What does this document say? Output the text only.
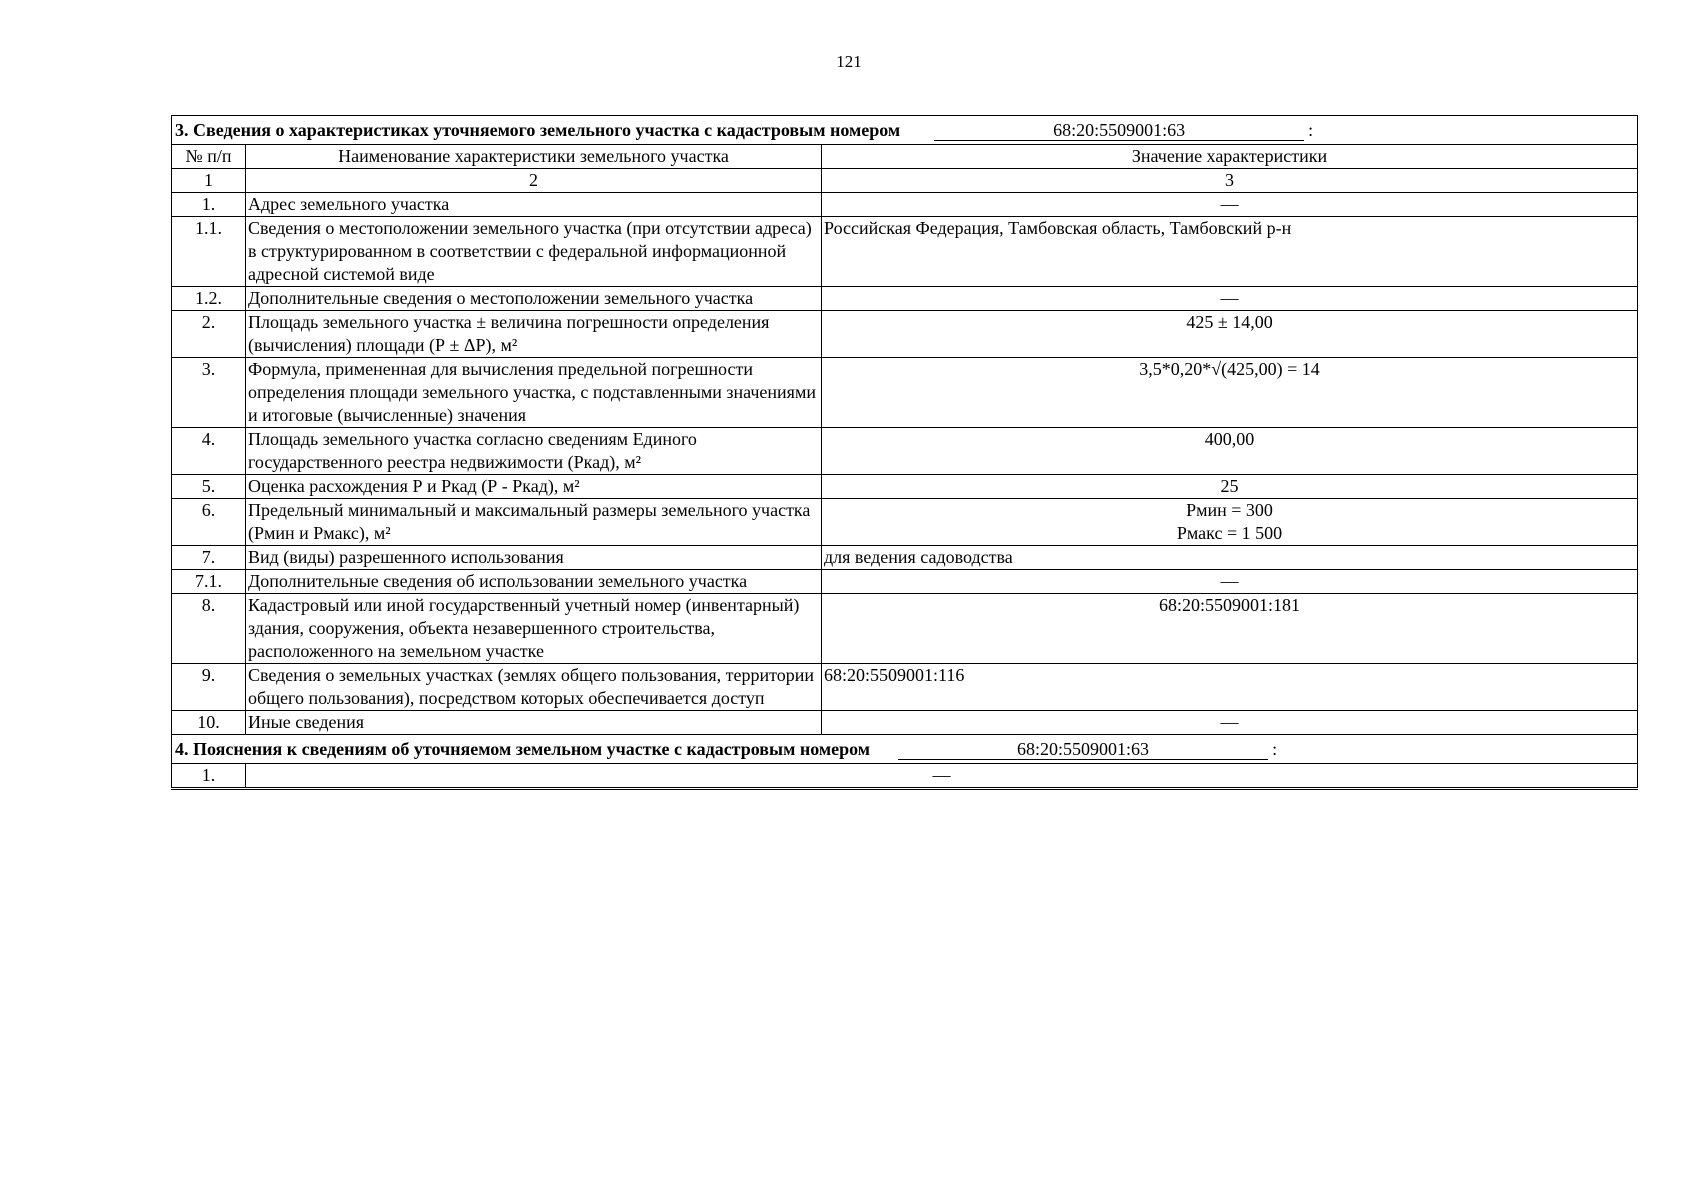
121
3. Сведения о характеристиках уточняемого земельного участка с кадастровым номером 68:20:5509001:63 :		
№ п/п	Наименование характеристики земельного участка	Значение характеристики
1	2	3
1.	Адрес земельного участка	—
1.1.	Сведения о местоположении земельного участка (при отсутствии адреса) в структурированном в соответствии с федеральной информационной адресной системой виде	Российская Федерация, Тамбовская область, Тамбовский р-н
1.2.	Дополнительные сведения о местоположении земельного участка	—
2.	Площадь земельного участка ± величина погрешности определения (вычисления) площади (Р ± ΔР), м²	425 ± 14,00
3.	Формула, примененная для вычисления предельной погрешности определения площади земельного участка, с подставленными значениями и итоговые (вычисленные) значения	3,5*0,20*√(425,00) = 14
4.	Площадь земельного участка согласно сведениям Единого государственного реестра недвижимости (Ркад), м²	400,00
5.	Оценка расхождения Р и Ркад (Р - Ркад), м²	25
6.	Предельный минимальный и максимальный размеры земельного участка (Рмин и Рмакс), м²	Рмин = 300
Рмакс = 1 500

7.	Вид (виды) разрешенного использования	для ведения садоводства
7.1.	Дополнительные сведения об использовании земельного участка	—
8.	Кадастровый или иной государственный учетный номер (инвентарный) здания, сооружения, объекта незавершенного строительства, расположенного на земельном участке	68:20:5509001:181
9.	Сведения о земельных участках (землях общего пользования, территории общего пользования), посредством которых обеспечивается доступ	68:20:5509001:116
10.	Иные сведения	—
4. Пояснения к сведениям об уточняемом земельном участке с кадастровым номером 68:20:5509001:63 :		
1.	—	
